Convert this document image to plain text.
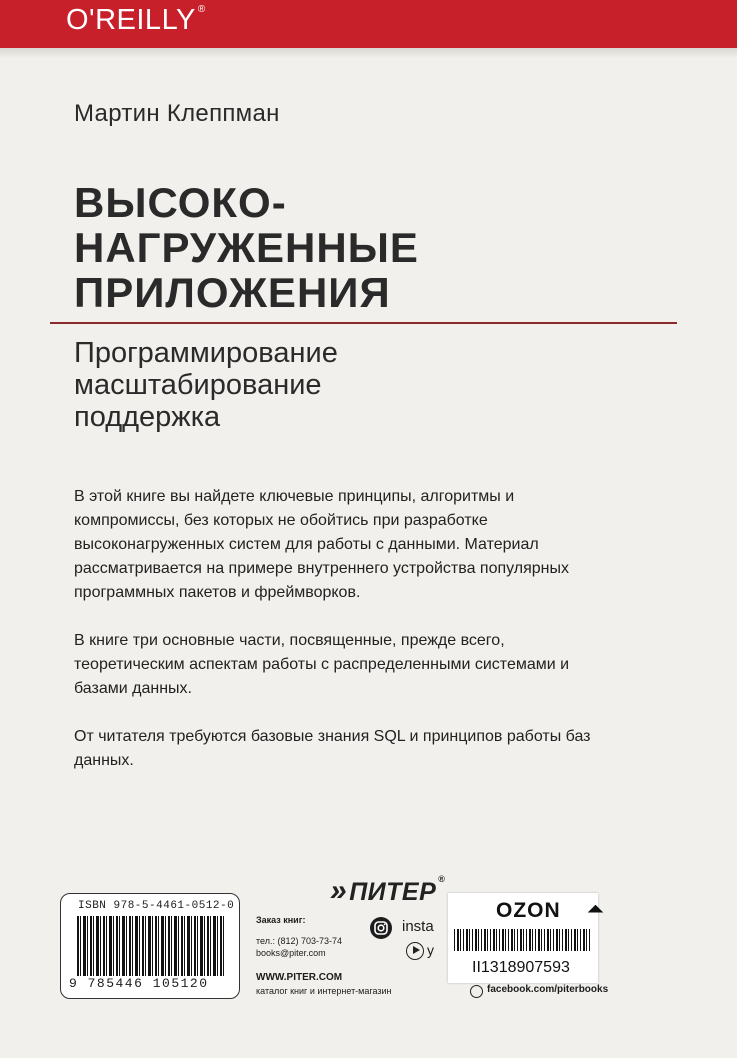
O'REILLY ®
Мартин Клеппман
ВЫСОКО-
НАГРУЖЕННЫЕ
ПРИЛОЖЕНИЯ
Программирование
масштабирование
поддержка

В этой книге вы найдете ключевые принципы, алгоритмы и компромиссы, без которых не обойтись при разработке высоконагруженных систем для работы с данными. Материал рассматривается на примере внутреннего устройства популярных программных пакетов и фреймворков.

В книге три основные части, посвященные, прежде всего, теоретическим аспектам работы с распределенными системами и базами данных.

От читателя требуются базовые знания SQL и принципов работы баз данных.

ISBN 978-5-4461-0512-0
9 785446 105120
»ПИТЕР ®
Заказ книг:
тел.: (812) 703-73-74
books@piter.com
WWW.PITER.COM
каталог книг и интернет-магазин
insta
y
OZON
II1318907593
facebook.com/piterbooks
